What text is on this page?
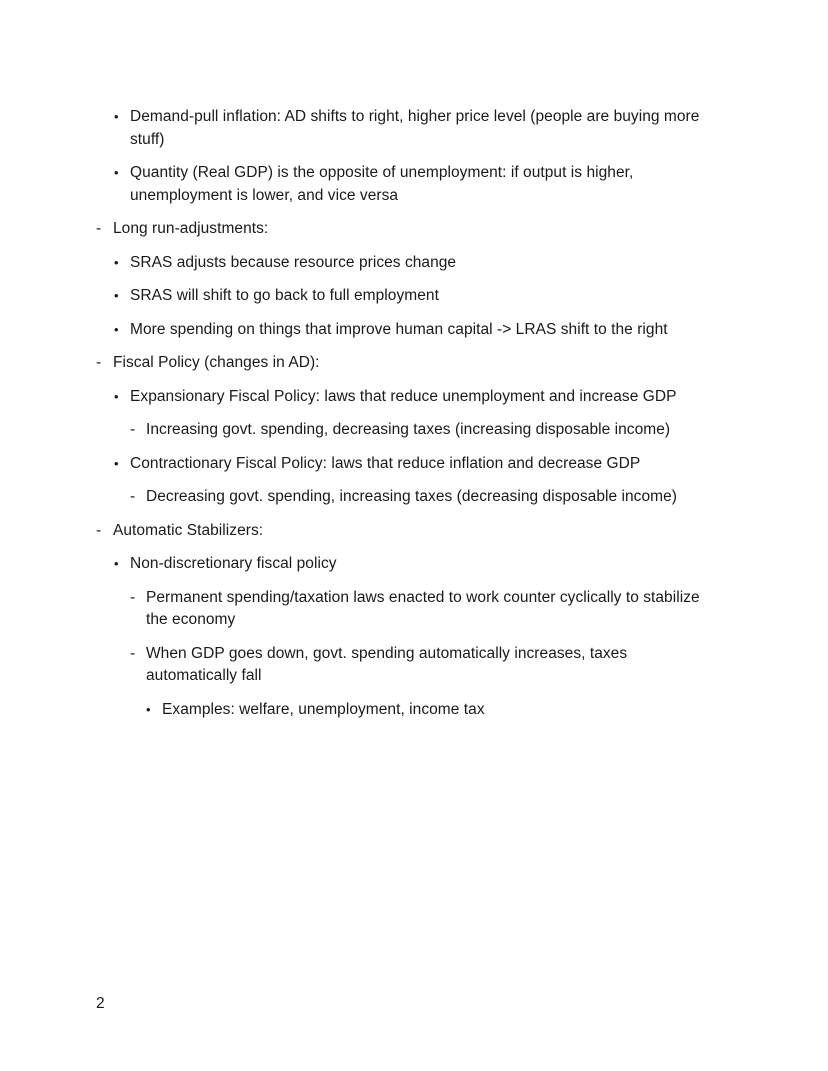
• Demand-pull inflation: AD shifts to right, higher price level (people are buying more stuff)
• Quantity (Real GDP) is the opposite of unemployment: if output is higher, unemployment is lower, and vice versa
- Long run-adjustments:
• SRAS adjusts because resource prices change
• SRAS will shift to go back to full employment
• More spending on things that improve human capital -> LRAS shift to the right
- Fiscal Policy (changes in AD):
• Expansionary Fiscal Policy: laws that reduce unemployment and increase GDP
- Increasing govt. spending, decreasing taxes (increasing disposable income)
• Contractionary Fiscal Policy: laws that reduce inflation and decrease GDP
- Decreasing govt. spending, increasing taxes (decreasing disposable income)
- Automatic Stabilizers:
• Non-discretionary fiscal policy
- Permanent spending/taxation laws enacted to work counter cyclically to stabilize the economy
- When GDP goes down, govt. spending automatically increases, taxes automatically fall
• Examples: welfare, unemployment, income tax
2
